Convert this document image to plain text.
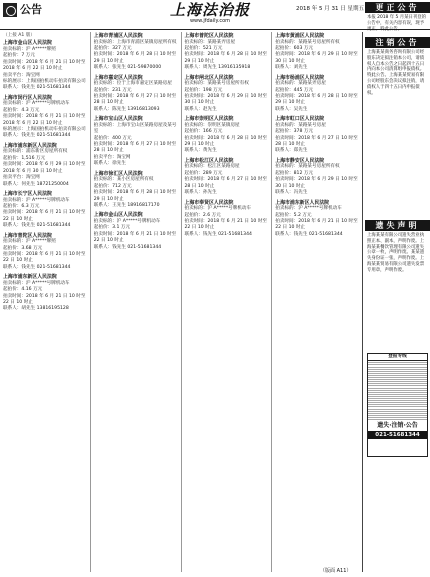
公告	上海法治报
www.jfdaily.com
2018 年 5 月 31 日 星期五
（上接 A1 版）
上海市金山区人民法院
拍卖标的：沪 A*****牌照
起拍价：7 万元
拍卖时间：2018 年 6 月 21 日 10 时至 2018 年 6 月 22 日 10 时止
拍卖平台：淘宝网
标的展示：上海国拍机动车拍卖有限公司
联系人：钱先生 021-51681344
上海市闵行区人民法院
拍卖标的：沪 A*****号牌机动车
起拍价：4.3 万元
拍卖时间：2018 年 6 月 21 日 10 时至 2018 年 6 月 22 日 10 时止
标的展示：上海国拍机动车拍卖有限公司
联系人：钱先生 021-51681344
上海市浦东新区人民法院
拍卖标的：浦东新区房屋所有权
起拍价：1,516 万元
拍卖时间：2018 年 6 月 29 日 10 时至 2018 年 6 月 30 日 10 时止
拍卖平台：淘宝网
联系人：何先生 18721250004
上海市长宁区人民法院
拍卖标的：沪 A*****号牌机动车
起拍价：6.3 万元
拍卖时间：2018 年 6 月 21 日 10 时至 22 日 10 时止
联系人：钱先生 021-51681344
上海市普陀区人民法院
拍卖标的：沪 A*****牌照
起拍价：3.68 万元
拍卖时间：2018 年 6 月 21 日 10 时至 22 日 10 时止
联系人：钱先生 021-51681344
上海市浦东新区人民法院
拍卖标的：沪 A*****号牌机动车
起拍价：4.16 万元
拍卖时间：2018 年 6 月 21 日 10 时至 22 日 10 时止
联系人：胡先生 13816195128
上海市青浦区人民法院
拍卖标的：上海市青浦区某镇房屋所有权
起拍价：327 万元
拍卖时间：2018 年 6 月 28 日 10 时至 29 日 10 时止
联系人：张先生 021-59870000
上海市嘉定区人民法院
拍卖标的：位于上海市嘉定区某路房屋
起拍价：231 万元
拍卖时间：2018 年 6 月 27 日 10 时至 28 日 10 时止
联系人：陈先生 13916813093
上海市宝山区人民法院
拍卖标的：上海市宝山区某路房屋及某号室
起拍价：400 万元
拍卖时间：2018 年 6 月 27 日 10 时至 28 日 10 时止
拍卖平台：淘宝网
联系人：徐先生
上海市徐汇区人民法院
拍卖标的：某小区房屋所有权
起拍价：712 万元
拍卖时间：2018 年 6 月 28 日 10 时至 29 日 10 时止
联系人：王先生 18916817170
上海市金山区人民法院
拍卖标的：沪 A*****号牌机动车
起拍价：3.1 万元
拍卖时间：2018 年 6 月 21 日 10 时至 22 日 10 时止
联系人：钱先生 021-51681344
上海市普陀区人民法院
拍卖标的：某路某弄房屋
起拍价：521 万元
拍卖时间：2018 年 6 月 28 日 10 时至 29 日 10 时止
联系人：周先生 13916135918
上海市闸北区人民法院
拍卖标的：某路某号房屋所有权
起拍价：198 万元
拍卖时间：2018 年 6 月 29 日 10 时至 30 日 10 时止
联系人：赵先生
上海市崇明区人民法院
拍卖标的：崇明区某镇房屋
起拍价：166 万元
拍卖时间：2018 年 6 月 28 日 10 时至 29 日 10 时止
联系人：黄先生
上海市松江区人民法院
拍卖标的：松江区某路房屋
起拍价：289 万元
拍卖时间：2018 年 6 月 27 日 10 时至 28 日 10 时止
联系人：孙先生
上海市奉贤区人民法院
拍卖标的：沪 A*****号牌机动车
起拍价：2.6 万元
拍卖时间：2018 年 6 月 21 日 10 时至 22 日 10 时止
联系人：钱先生 021-51681344
上海市黄浦区人民法院
拍卖标的：某路某号房屋所有权
起拍价：603 万元
拍卖时间：2018 年 6 月 29 日 10 时至 30 日 10 时止
联系人：刘先生
上海市杨浦区人民法院
拍卖标的：某路某弄房屋
起拍价：445 万元
拍卖时间：2018 年 6 月 28 日 10 时至 29 日 10 时止
联系人：吴先生
上海市虹口区人民法院
拍卖标的：某路某号房屋
起拍价：378 万元
拍卖时间：2018 年 6 月 27 日 10 时至 28 日 10 时止
联系人：郑先生
上海市静安区人民法院
拍卖标的：某路某号房屋所有权
起拍价：812 万元
拍卖时间：2018 年 6 月 29 日 10 时至 30 日 10 时止
联系人：冯先生
上海市浦东新区人民法院
拍卖标的：沪 A*****号牌机动车
起拍价：5.2 万元
拍卖时间：2018 年 6 月 21 日 10 时至 22 日 10 时止
联系人：钱先生 021-51681344
更正公告
本报 2018 年 5 月某日刊登的公告中，有关内容有误，现予更正。特此公告。
注销公告
上海某某商务咨询有限公司经股东决定拟注销本公司，请债权人自本公告之日起四十五日内向本公司清算组申报债权。特此公告。上海某某贸易有限公司经股东会决议拟注销，请债权人于四十五日内申报债权。
遗失声明
上海某某有限公司遗失营业执照正本、副本，声明作废。上海某某餐饮管理有限公司遗失公章一枚，声明作废。某某遗失身份证一张，声明作废。上海某某贸易有限公司遗失发票专用章，声明作废。
登报专线
遗失·注销·公告
021-51681344
（版面 A11）
